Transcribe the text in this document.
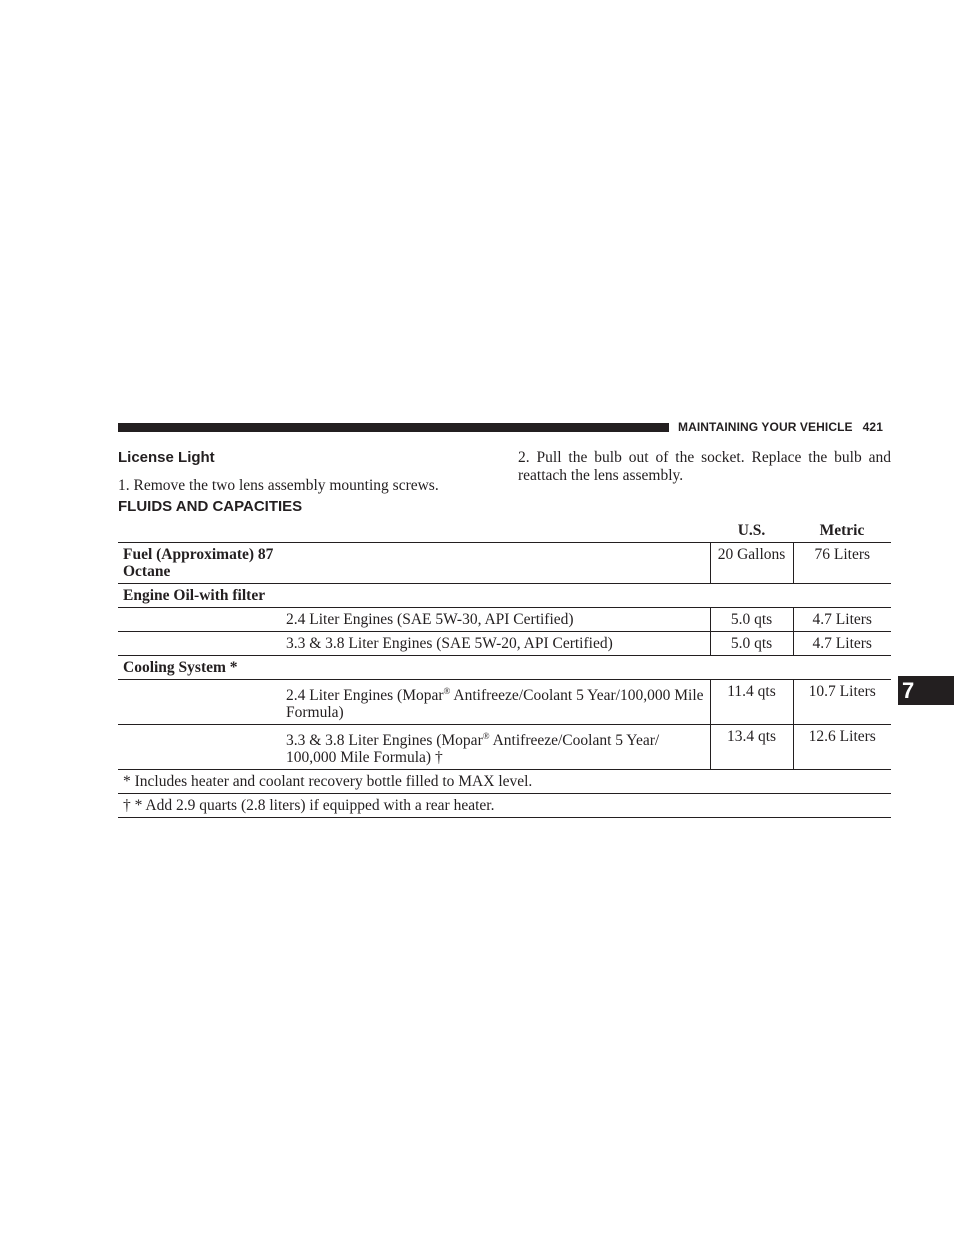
MAINTAINING YOUR VEHICLE 421
License Light
1. Remove the two lens assembly mounting screws.
2. Pull the bulb out of the socket. Replace the bulb and reattach the lens assembly.
FLUIDS AND CAPACITIES
		U.S.	Metric
Fuel (Approximate) 87
Octane		20 Gallons	76 Liters
Engine Oil-with filter			
	2.4 Liter Engines (SAE 5W-30, API Certified)	5.0 qts	4.7 Liters
	3.3 & 3.8 Liter Engines (SAE 5W-20, API Certified)	5.0 qts	4.7 Liters
Cooling System *			
	2.4 Liter Engines (Mopar® Antifreeze/Coolant 5 Year/100,000 Mile Formula)	11.4 qts	10.7 Liters
	3.3 & 3.8 Liter Engines (Mopar® Antifreeze/Coolant 5 Year/ 100,000 Mile Formula) †	13.4 qts	12.6 Liters
* Includes heater and coolant recovery bottle filled to MAX level.			
† * Add 2.9 quarts (2.8 liters) if equipped with a rear heater.			
7
